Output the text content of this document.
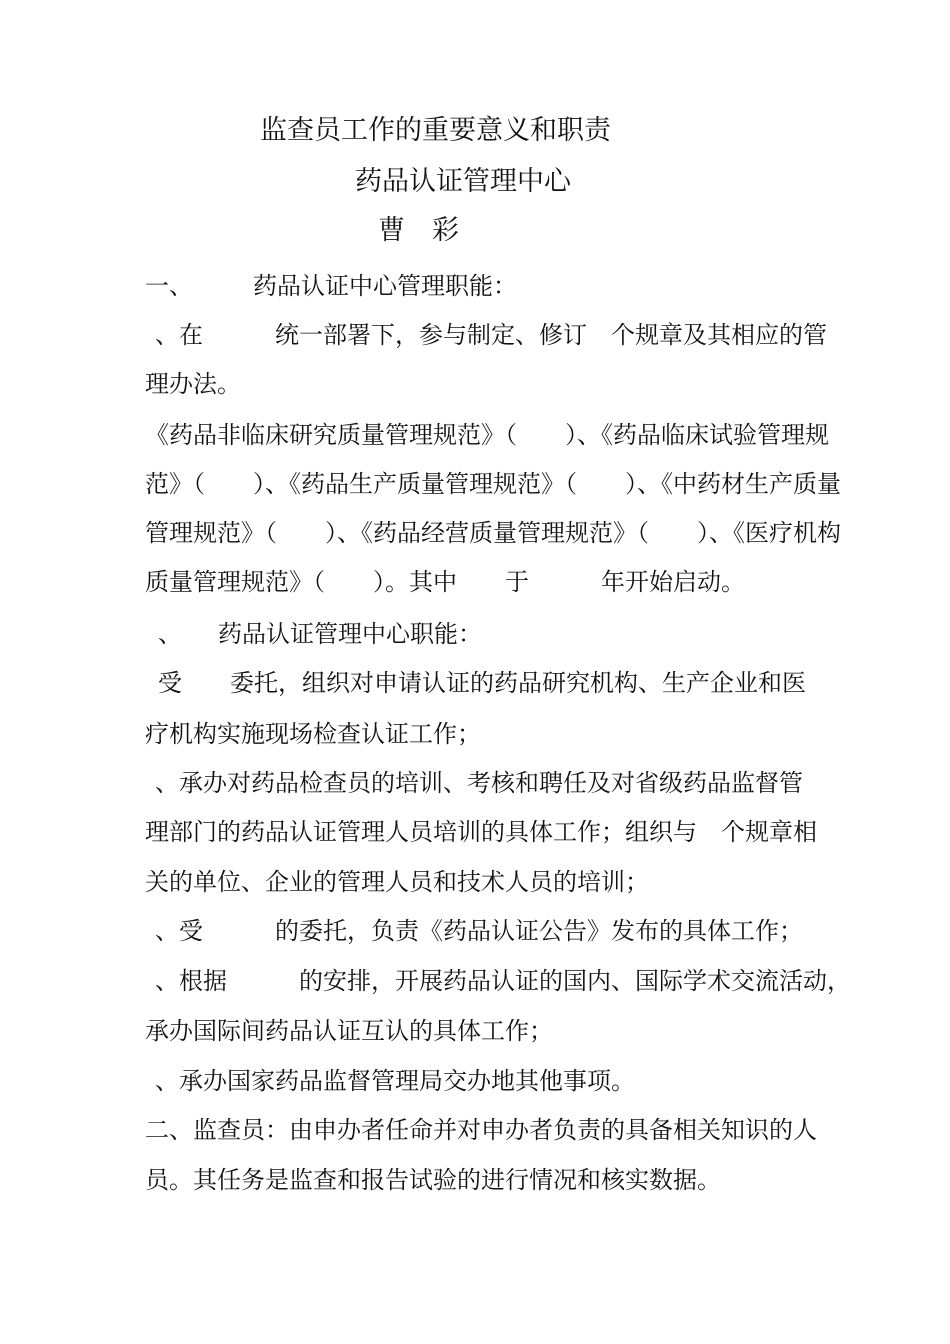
监查员工作的重要意义和职责
药品认证管理中心
曹　彩
一、　　　药品认证中心管理职能：
、在　　　统一部署下，参与制定、修订　个规章及其相应的管
理办法。
《药品非临床研究质量管理规范》（　　）、《药品临床试验管理规
范》（　　）、《药品生产质量管理规范》（　　）、《中药材生产质量
管理规范》（　　）、《药品经营质量管理规范》（　　）、《医疗机构
质量管理规范》（　　）。其中　　于　　　年开始启动。
、　　药品认证管理中心职能：
受　　委托，组织对申请认证的药品研究机构、生产企业和医
疗机构实施现场检查认证工作；
、承办对药品检查员的培训、考核和聘任及对省级药品监督管
理部门的药品认证管理人员培训的具体工作；组织与　个规章相
关的单位、企业的管理人员和技术人员的培训；
、受　　　的委托，负责《药品认证公告》发布的具体工作；
、根据　　　的安排，开展药品认证的国内、国际学术交流活动，
承办国际间药品认证互认的具体工作；
、承办国家药品监督管理局交办地其他事项。
二、监查员：由申办者任命并对申办者负责的具备相关知识的人
员。其任务是监查和报告试验的进行情况和核实数据。
